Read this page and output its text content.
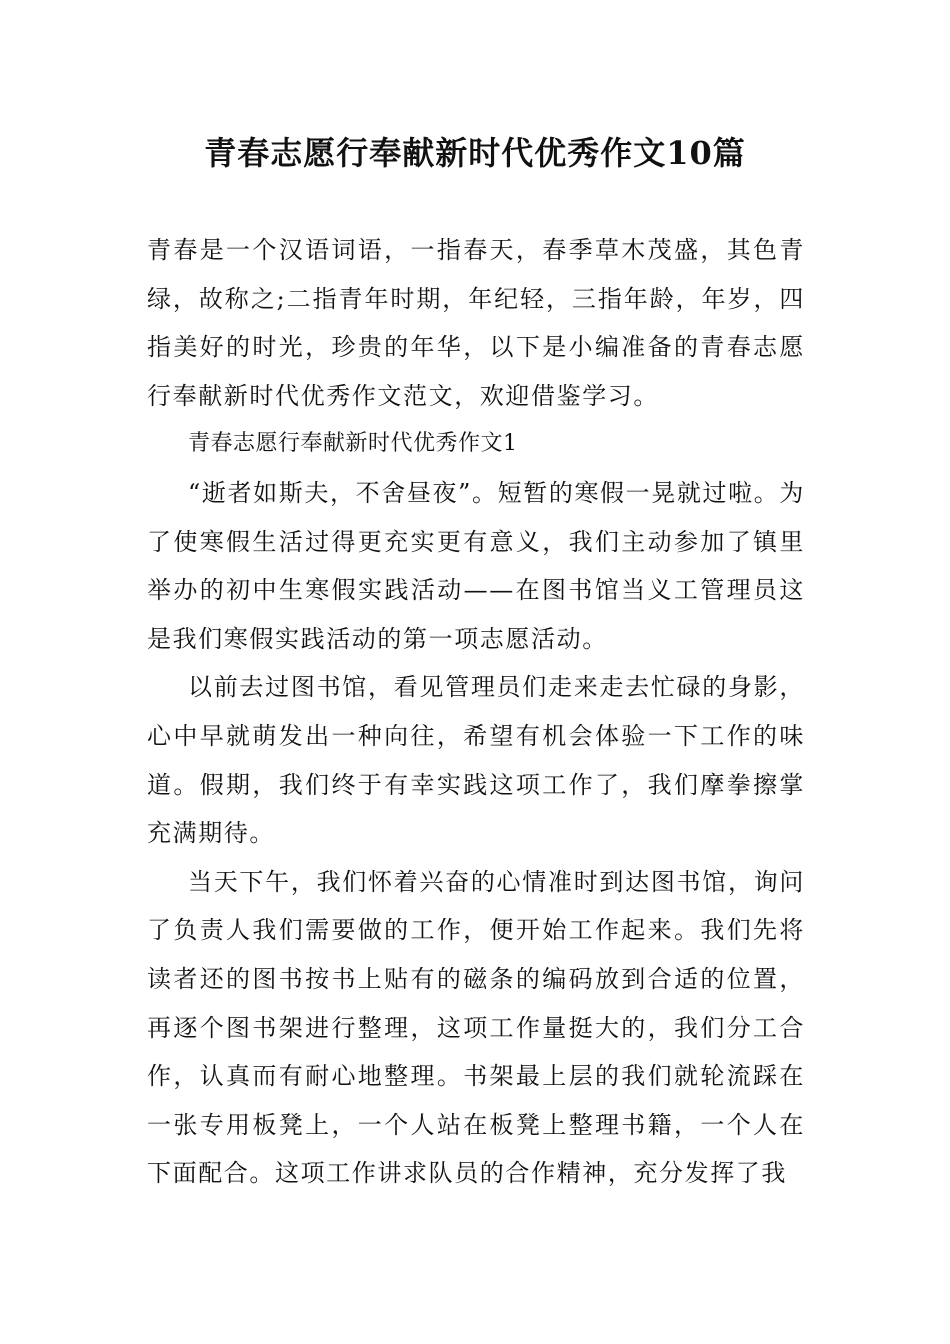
青春志愿行奉献新时代优秀作文10篇

青春是一个汉语词语，一指春天，春季草木茂盛，其色青绿，故称之;二指青年时期，年纪轻，三指年龄，年岁，四指美好的时光，珍贵的年华，以下是小编准备的青春志愿行奉献新时代优秀作文范文，欢迎借鉴学习。

青春志愿行奉献新时代优秀作文1

“逝者如斯夫，不舍昼夜”。短暂的寒假一晃就过啦。为了使寒假生活过得更充实更有意义，我们主动参加了镇里举办的初中生寒假实践活动——在图书馆当义工管理员这是我们寒假实践活动的第一项志愿活动。

以前去过图书馆，看见管理员们走来走去忙碌的身影，心中早就萌发出一种向往，希望有机会体验一下工作的味道。假期，我们终于有幸实践这项工作了，我们摩拳擦掌充满期待。

当天下午，我们怀着兴奋的心情准时到达图书馆，询问了负责人我们需要做的工作，便开始工作起来。我们先将读者还的图书按书上贴有的磁条的编码放到合适的位置，再逐个图书架进行整理，这项工作量挺大的，我们分工合作，认真而有耐心地整理。书架最上层的我们就轮流踩在一张专用板凳上，一个人站在板凳上整理书籍，一个人在下面配合。这项工作讲求队员的合作精神，充分发挥了我
